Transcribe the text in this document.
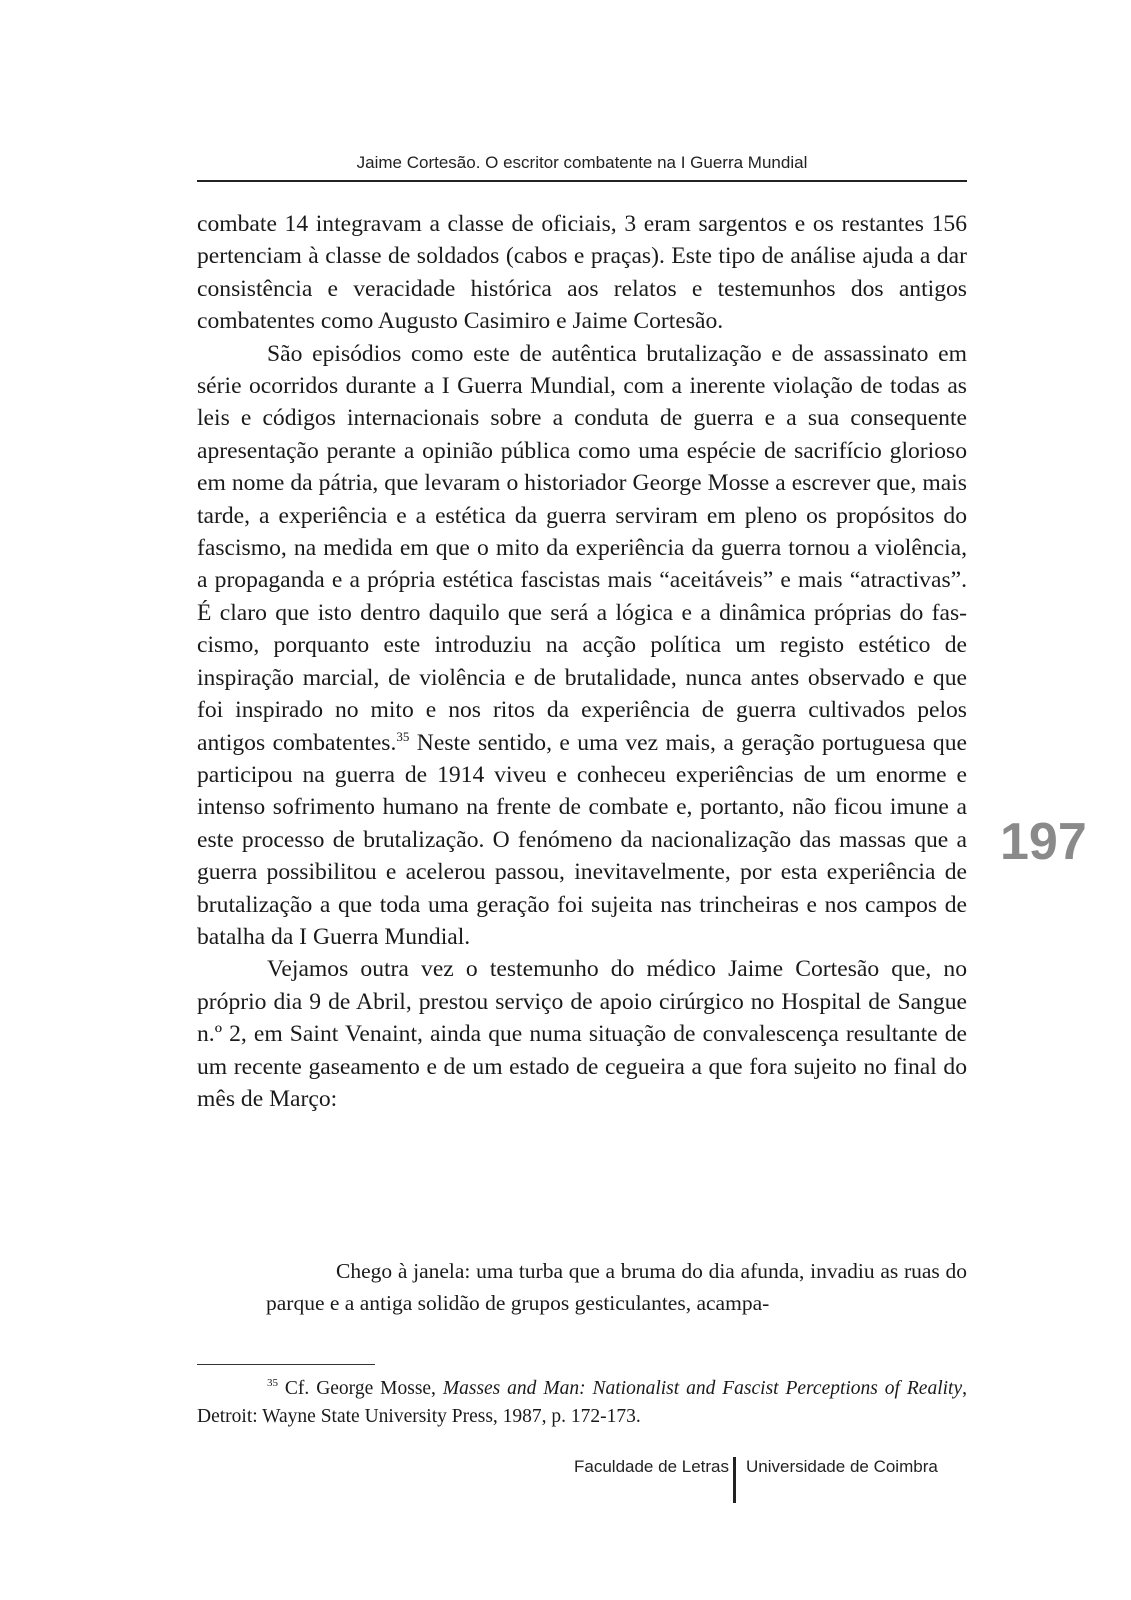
Jaime Cortesão. O escritor combatente na I Guerra Mundial

combate 14 integravam a classe de oficiais, 3 eram sargentos e os restantes 156 pertenciam à classe de soldados (cabos e praças). Este tipo de análise ajuda a dar consistência e veracidade histórica aos relatos e testemunhos dos antigos combatentes como Augusto Casimiro e Jaime Cortesão.

São episódios como este de autêntica brutalização e de assassinato em série ocorridos durante a I Guerra Mundial, com a inerente violação de todas as leis e códigos internacionais sobre a conduta de guerra e a sua consequente apresentação perante a opinião pública como uma espécie de sacrifício glorioso em nome da pátria, que levaram o historiador George Mosse a escrever que, mais tarde, a experiência e a estética da guerra serviram em pleno os propósitos do fascismo, na medida em que o mito da experiência da guerra tornou a violência, a propaganda e a própria estética fascistas mais “aceitáveis” e mais “atractivas”. É claro que isto dentro daquilo que será a lógica e a dinâmica próprias do fascismo, porquanto este introduziu na acção política um registo estético de inspiração marcial, de violência e de brutalidade, nunca antes observado e que foi inspirado no mito e nos ritos da experiência de guerra cultivados pelos antigos combatentes.$^{35}$ Neste sentido, e uma vez mais, a geração portuguesa que participou na guerra de 1914 viveu e conheceu experiências de um enorme e intenso sofrimento humano na frente de combate e, portanto, não ficou imune a este processo de brutalização. O fenómeno da nacionalização das massas que a guerra possibilitou e acelerou passou, inevitavelmente, por esta experiência de brutalização a que toda uma geração foi sujeita nas trincheiras e nos campos de batalha da I Guerra Mundial.

Vejamos outra vez o testemunho do médico Jaime Cortesão que, no próprio dia 9 de Abril, prestou serviço de apoio cirúrgico no Hospital de Sangue n.º 2, em Saint Venaint, ainda que numa situação de convalescença resultante de um recente gaseamento e de um estado de cegueira a que fora sujeito no final do mês de Março:

Chego à janela: uma turba que a bruma do dia afunda, invadiu as ruas do parque e a antiga solidão de grupos gesticulantes, acampa-

197

$^{35}$ Cf. George Mosse, Masses and Man: Nationalist and Fascist Perceptions of Reality, Detroit: Wayne State University Press, 1987, p. 172-173.

Faculdade de Letras Universidade de Coimbra
